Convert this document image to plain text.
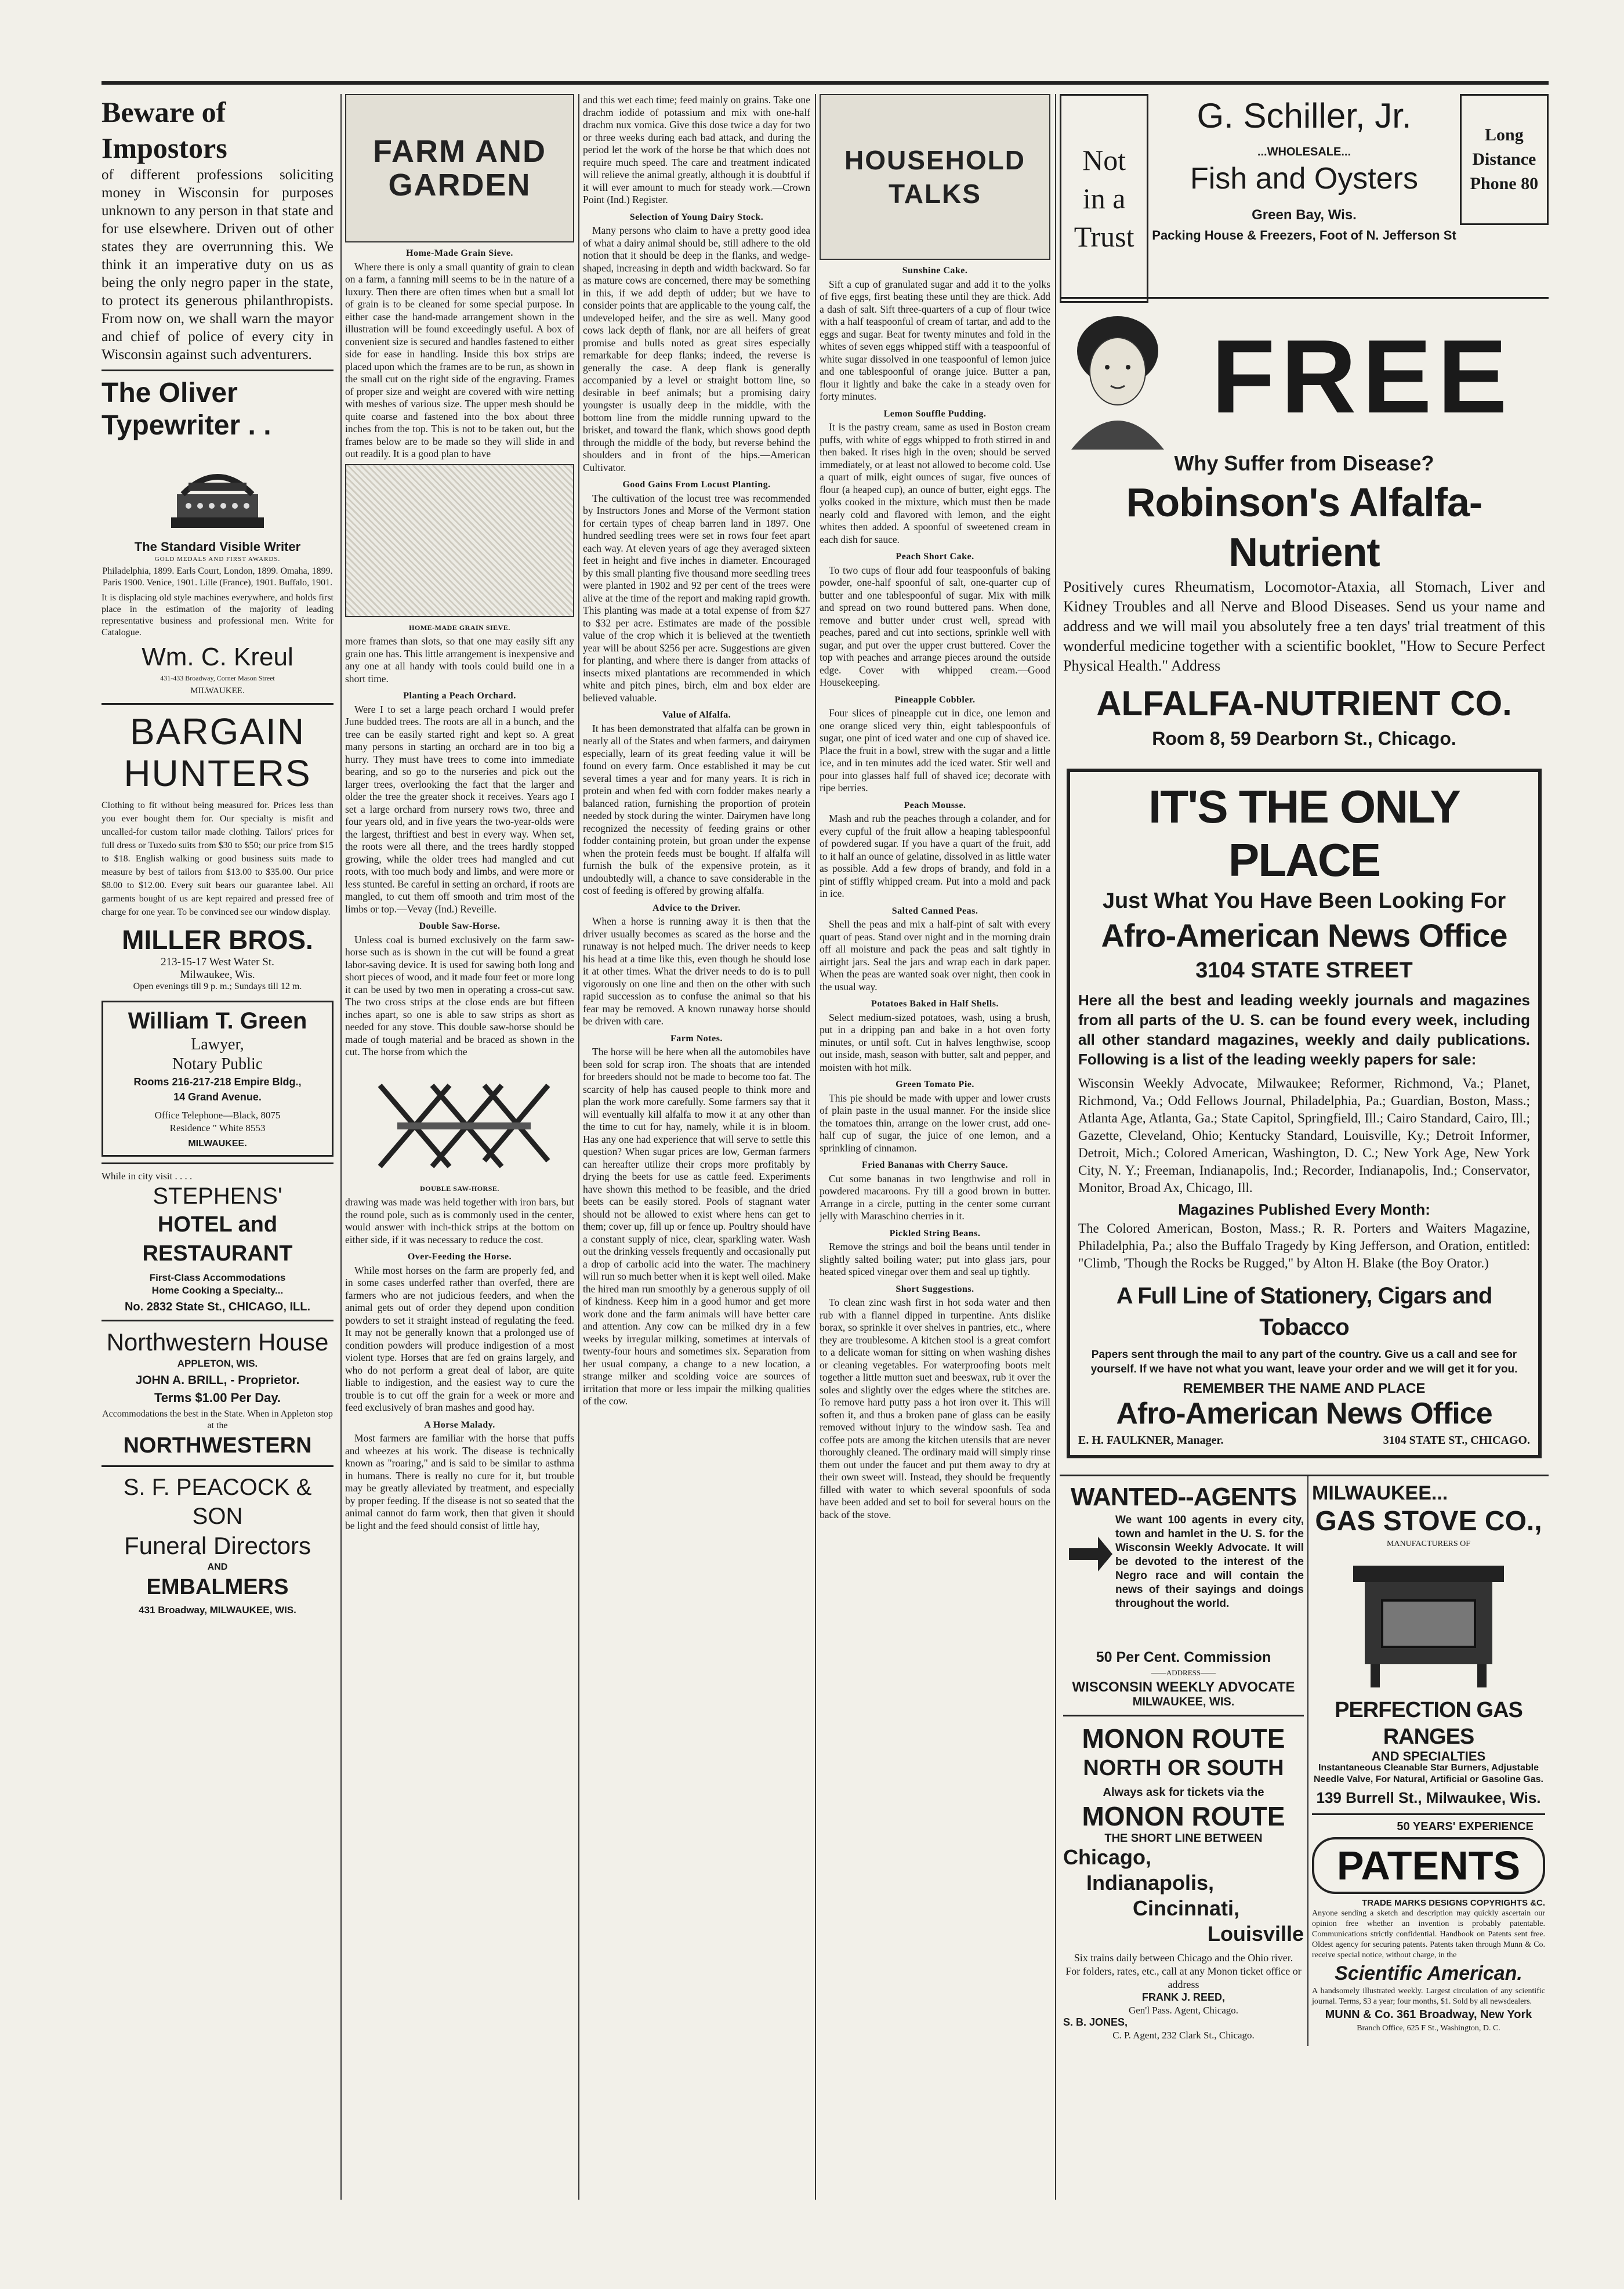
Beware of Impostors
of different professions soliciting money in Wisconsin for purposes unknown to any person in that state and for use elsewhere. Driven out of other states they are overrunning this. We think it an imperative duty on us as being the only negro paper in the state, to protect its generous philanthropists. From now on, we shall warn the mayor and chief of police of every city in Wisconsin against such adventurers.
The Oliver
Typewriter . .
The Standard Visible Writer
GOLD MEDALS AND FIRST AWARDS.
Philadelphia, 1899. Earls Court, London, 1899. Omaha, 1899. Paris 1900. Venice, 1901. Lille (France), 1901. Buffalo, 1901.
It is displacing old style machines everywhere, and holds first place in the estimation of the majority of leading representative business and professional men. Write for Catalogue.
Wm. C. Kreul
431-433 Broadway, Corner Mason Street
MILWAUKEE.
BARGAIN
HUNTERS
Clothing to fit without being measured for. Prices less than you ever bought them for. Our specialty is misfit and uncalled-for custom tailor made clothing. Tailors' prices for full dress or Tuxedo suits from $30 to $50; our price from $15 to $18. English walking or good business suits made to measure by best of tailors from $13.00 to $35.00. Our price $8.00 to $12.00. Every suit bears our guarantee label. All garments bought of us are kept repaired and pressed free of charge for one year. To be convinced see our window display.
MILLER BROS.
213-15-17 West Water St.
Milwaukee, Wis.
Open evenings till 9 p. m.; Sundays till 12 m.
William T. Green
Lawyer,
Notary Public
Rooms 216-217-218 Empire Bldg.,
14 Grand Avenue.
Office Telephone—Black, 8075
Residence " White 8553
MILWAUKEE.
While in city visit . . . .
STEPHENS'
HOTEL and RESTAURANT
First-Class Accommodations
Home Cooking a Specialty...
No. 2832 State St., CHICAGO, ILL.
Northwestern House
APPLETON, WIS.
JOHN A. BRILL, - Proprietor.
Terms $1.00 Per Day.
Accommodations the best in the State. When in Appleton stop at the
NORTHWESTERN
S. F. PEACOCK & SON
Funeral Directors
AND
EMBALMERS
431 Broadway, MILWAUKEE, WIS.
FARM AND GARDEN
Home-Made Grain Sieve.

Where there is only a small quantity of grain to clean on a farm, a fanning mill seems to be in the nature of a luxury. Then there are often times when but a small lot of grain is to be cleaned for some special purpose. In either case the hand-made arrangement shown in the illustration will be found exceedingly useful. A box of convenient size is secured and handles fastened to either side for ease in handling. Inside this box strips are placed upon which the frames are to be run, as shown in the small cut on the right side of the engraving. Frames of proper size and weight are covered with wire netting with meshes of various size. The upper mesh should be quite coarse and fastened into the box about three inches from the top. This is not to be taken out, but the frames below are to be made so they will slide in and out readily. It is a good plan to have

HOME-MADE GRAIN SIEVE.

more frames than slots, so that one may easily sift any grain one has. This little arrangement is inexpensive and any one at all handy with tools could build one in a short time.

Planting a Peach Orchard.

Were I to set a large peach orchard I would prefer June budded trees. The roots are all in a bunch, and the tree can be easily started right and kept so. A great many persons in starting an orchard are in too big a hurry. They must have trees to come into immediate bearing, and so go to the nurseries and pick out the larger trees, overlooking the fact that the larger and older the tree the greater shock it receives. Years ago I set a large orchard from nursery rows two, three and four years old, and in five years the two-year-olds were the largest, thriftiest and best in every way. When set, the roots were all there, and the trees hardly stopped growing, while the older trees had mangled and cut roots, with too much body and limbs, and were more or less stunted. Be careful in setting an orchard, if roots are mangled, to cut them off smooth and trim most of the limbs or top.—Vevay (Ind.) Reveille.

Double Saw-Horse.

Unless coal is burned exclusively on the farm saw-horse such as is shown in the cut will be found a great labor-saving device. It is used for sawing both long and short pieces of wood, and it made four feet or more long it can be used by two men in operating a cross-cut saw. The two cross strips at the close ends are but fifteen inches apart, so one is able to saw strips as short as needed for any stove. This double saw-horse should be made of tough material and be braced as shown in the cut. The horse from which the

DOUBLE SAW-HORSE.

drawing was made was held together with iron bars, but the round pole, such as is commonly used in the center, would answer with inch-thick strips at the bottom on either side, if it was necessary to reduce the cost.

Over-Feeding the Horse.

While most horses on the farm are properly fed, and in some cases underfed rather than overfed, there are farmers who are not judicious feeders, and when the animal gets out of order they depend upon condition powders to set it straight instead of regulating the feed. It may not be generally known that a prolonged use of condition powders will produce indigestion of a most violent type. Horses that are fed on grains largely, and who do not perform a great deal of labor, are quite liable to indigestion, and the easiest way to cure the trouble is to cut off the grain for a week or more and feed exclusively of bran mashes and good hay.

A Horse Malady.

Most farmers are familiar with the horse that puffs and wheezes at his work. The disease is technically known as "roaring," and is said to be similar to asthma in humans. There is really no cure for it, but trouble may be greatly alleviated by treatment, and especially by proper feeding. If the disease is not so seated that the animal cannot do farm work, then that given it should be light and the feed should consist of little hay,

and this wet each time; feed mainly on grains. Take one drachm iodide of potassium and mix with one-half drachm nux vomica. Give this dose twice a day for two or three weeks during each bad attack, and during the period let the work of the horse be that which does not require much speed. The care and treatment indicated will relieve the animal greatly, although it is doubtful if it will ever amount to much for steady work.—Crown Point (Ind.) Register.

Selection of Young Dairy Stock.

Many persons who claim to have a pretty good idea of what a dairy animal should be, still adhere to the old notion that it should be deep in the flanks, and wedge-shaped, increasing in depth and width backward. So far as mature cows are concerned, there may be something in this, if we add depth of udder; but we have to consider points that are applicable to the young calf, the undeveloped heifer, and the sire as well. Many good cows lack depth of flank, nor are all heifers of great promise and bulls noted as great sires especially remarkable for deep flanks; indeed, the reverse is generally the case. A deep flank is generally accompanied by a level or straight bottom line, so desirable in beef animals; but a promising dairy youngster is usually deep in the middle, with the bottom line from the middle running upward to the brisket, and toward the flank, which shows good depth through the middle of the body, but reverse behind the shoulders and in front of the hips.—American Cultivator.

Good Gains From Locust Planting.

The cultivation of the locust tree was recommended by Instructors Jones and Morse of the Vermont station for certain types of cheap barren land in 1897. One hundred seedling trees were set in rows four feet apart each way. At eleven years of age they averaged sixteen feet in height and five inches in diameter. Encouraged by this small planting five thousand more seedling trees were planted in 1902 and 92 per cent of the trees were alive at the time of the report and making rapid growth. This planting was made at a total expense of from $27 to $32 per acre. Estimates are made of the possible value of the crop which it is believed at the twentieth year will be about $256 per acre. Suggestions are given for planting, and where there is danger from attacks of insects mixed plantations are recommended in which white and pitch pines, birch, elm and box elder are believed valuable.

Value of Alfalfa.

It has been demonstrated that alfalfa can be grown in nearly all of the States and when farmers, and dairymen especially, learn of its great feeding value it will be found on every farm. Once established it may be cut several times a year and for many years. It is rich in protein and when fed with corn fodder makes nearly a balanced ration, furnishing the proportion of protein needed by stock during the winter. Dairymen have long recognized the necessity of feeding grains or other fodder containing protein, but groan under the expense when the protein feeds must be bought. If alfalfa will furnish the bulk of the expensive protein, as it undoubtedly will, a chance to save considerable in the cost of feeding is offered by growing alfalfa.

Advice to the Driver.

When a horse is running away it is then that the driver usually becomes as scared as the horse and the runaway is not helped much. The driver needs to keep his head at a time like this, even though he should lose it at other times. What the driver needs to do is to pull vigorously on one line and then on the other with such rapid succession as to confuse the animal so that his fear may be removed. A known runaway horse should be driven with care.

Farm Notes.

The horse will be here when all the automobiles have been sold for scrap iron. The shoats that are intended for breeders should not be made to become too fat. The scarcity of help has caused people to think more and plan the work more carefully. Some farmers say that it will eventually kill alfalfa to mow it at any other than the time to cut for hay, namely, while it is in bloom. Has any one had experience that will serve to settle this question? When sugar prices are low, German farmers can hereafter utilize their crops more profitably by drying the beets for use as cattle feed. Experiments have shown this method to be feasible, and the dried beets can be easily stored. Pools of stagnant water should not be allowed to exist where hens can get to them; cover up, fill up or fence up. Poultry should have a constant supply of nice, clear, sparkling water. Wash out the drinking vessels frequently and occasionally put a drop of carbolic acid into the water. The machinery will run so much better when it is kept well oiled. Make the hired man run smoothly by a generous supply of oil of kindness. Keep him in a good humor and get more work done and the farm animals will have better care and attention. Any cow can be milked dry in a few weeks by irregular milking, sometimes at intervals of twenty-four hours and sometimes six. Separation from her usual company, a change to a new location, a strange milker and scolding voice are sources of irritation that more or less impair the milking qualities of the cow.

HOUSEHOLD TALKS
Sunshine Cake.

Sift a cup of granulated sugar and add it to the yolks of five eggs, first beating these until they are thick. Add a dash of salt. Sift three-quarters of a cup of flour twice with a half teaspoonful of cream of tartar, and add to the eggs and sugar. Beat for twenty minutes and fold in the whites of seven eggs whipped stiff with a teaspoonful of white sugar dissolved in one teaspoonful of lemon juice and one tablespoonful of orange juice. Butter a pan, flour it lightly and bake the cake in a steady oven for forty minutes.

Lemon Souffle Pudding.

It is the pastry cream, same as used in Boston cream puffs, with white of eggs whipped to froth stirred in and then baked. It rises high in the oven; should be served immediately, or at least not allowed to become cold. Use a quart of milk, eight ounces of sugar, five ounces of flour (a heaped cup), an ounce of butter, eight eggs. The yolks cooked in the mixture, which must then be made nearly cold and flavored with lemon, and the eight whites then added. A spoonful of sweetened cream in each dish for sauce.

Peach Short Cake.

To two cups of flour add four teaspoonfuls of baking powder, one-half spoonful of salt, one-quarter cup of butter and one tablespoonful of sugar. Mix with milk and spread on two round buttered pans. When done, remove and butter under crust well, spread with peaches, pared and cut into sections, sprinkle well with sugar, and put over the upper crust buttered. Cover the top with peaches and arrange pieces around the outside edge. Cover with whipped cream.—Good Housekeeping.

Pineapple Cobbler.

Four slices of pineapple cut in dice, one lemon and one orange sliced very thin, eight tablespoonfuls of sugar, one pint of iced water and one cup of shaved ice. Place the fruit in a bowl, strew with the sugar and a little ice, and in ten minutes add the iced water. Stir well and pour into glasses half full of shaved ice; decorate with ripe berries.

Peach Mousse.

Mash and rub the peaches through a colander, and for every cupful of the fruit allow a heaping tablespoonful of powdered sugar. If you have a quart of the fruit, add to it half an ounce of gelatine, dissolved in as little water as possible. Add a few drops of brandy, and fold in a pint of stiffly whipped cream. Put into a mold and pack in ice.

Salted Canned Peas.

Shell the peas and mix a half-pint of salt with every quart of peas. Stand over night and in the morning drain off all moisture and pack the peas and salt tightly in airtight jars. Seal the jars and wrap each in dark paper. When the peas are wanted soak over night, then cook in the usual way.

Potatoes Baked in Half Shells.

Select medium-sized potatoes, wash, using a brush, put in a dripping pan and bake in a hot oven forty minutes, or until soft. Cut in halves lengthwise, scoop out inside, mash, season with butter, salt and pepper, and moisten with hot milk.

Green Tomato Pie.

This pie should be made with upper and lower crusts of plain paste in the usual manner. For the inside slice the tomatoes thin, arrange on the lower crust, add one-half cup of sugar, the juice of one lemon, and a sprinkling of cinnamon.

Fried Bananas with Cherry Sauce.

Cut some bananas in two lengthwise and roll in powdered macaroons. Fry till a good brown in butter. Arrange in a circle, putting in the center some currant jelly with Maraschino cherries in it.

Pickled String Beans.

Remove the strings and boil the beans until tender in slightly salted boiling water; put into glass jars, pour heated spiced vinegar over them and seal up tightly.

Short Suggestions.

To clean zinc wash first in hot soda water and then rub with a flannel dipped in turpentine. Ants dislike borax, so sprinkle it over shelves in pantries, etc., where they are troublesome. A kitchen stool is a great comfort to a delicate woman for sitting on when washing dishes or cleaning vegetables. For waterproofing boots melt together a little mutton suet and beeswax, rub it over the soles and slightly over the edges where the stitches are. To remove hard putty pass a hot iron over it. This will soften it, and thus a broken pane of glass can be easily removed without injury to the window sash. Tea and coffee pots are among the kitchen utensils that are never thoroughly cleaned. The ordinary maid will simply rinse them out under the faucet and put them away to dry at their own sweet will. Instead, they should be frequently filled with water to which several spoonfuls of soda have been added and set to boil for several hours on the back of the stove.

Not
in a
Trust
G. Schiller, Jr.
...WHOLESALE...
Fish and Oysters
Green Bay, Wis.
Packing House & Freezers, Foot of N. Jefferson St
Long
Distance
Phone 80
FREE
Why Suffer from Disease?
Robinson's Alfalfa-Nutrient
Positively cures Rheumatism, Locomotor-Ataxia, all Stomach, Liver and Kidney Troubles and all Nerve and Blood Diseases. Send us your name and address and we will mail you absolutely free a ten days' trial treatment of this wonderful medicine together with a scientific booklet, "How to Secure Perfect Physical Health." Address
ALFALFA-NUTRIENT CO.
Room 8, 59 Dearborn St., Chicago.
IT'S THE ONLY PLACE
Just What You Have Been Looking For
Afro-American News Office
3104 STATE STREET
Here all the best and leading weekly journals and magazines from all parts of the U. S. can be found every week, including all other standard magazines, weekly and daily publications. Following is a list of the leading weekly papers for sale:
Wisconsin Weekly Advocate, Milwaukee; Reformer, Richmond, Va.; Planet, Richmond, Va.; Odd Fellows Journal, Philadelphia, Pa.; Guardian, Boston, Mass.; Atlanta Age, Atlanta, Ga.; State Capitol, Springfield, Ill.; Cairo Standard, Cairo, Ill.; Gazette, Cleveland, Ohio; Kentucky Standard, Louisville, Ky.; Detroit Informer, Detroit, Mich.; Colored American, Washington, D. C.; New York Age, New York City, N. Y.; Freeman, Indianapolis, Ind.; Recorder, Indianapolis, Ind.; Conservator, Monitor, Broad Ax, Chicago, Ill.
Magazines Published Every Month:
The Colored American, Boston, Mass.; R. R. Porters and Waiters Magazine, Philadelphia, Pa.; also the Buffalo Tragedy by King Jefferson, and Oration, entitled: "Climb, 'Though the Rocks be Rugged," by Alton H. Blake (the Boy Orator.)
A Full Line of Stationery, Cigars and Tobacco
Papers sent through the mail to any part of the country. Give us a call and see for yourself. If we have not what you want, leave your order and we will get it for you.
REMEMBER THE NAME AND PLACE
Afro-American News Office
E. H. FAULKNER, Manager.	3104 STATE ST., CHICAGO.
WANTED--AGENTS
We want 100 agents in every city, town and hamlet in the U. S. for the Wisconsin Weekly Advocate. It will be devoted to the interest of the Negro race and will contain the news of their sayings and doings throughout the world.
50 Per Cent. Commission
——ADDRESS——
WISCONSIN WEEKLY ADVOCATE
MILWAUKEE, WIS.
MONON ROUTE
NORTH OR SOUTH
Always ask for tickets via the
MONON ROUTE
THE SHORT LINE BETWEEN
Chicago,
Indianapolis,
Cincinnati,
Louisville
Six trains daily between Chicago and the Ohio river.
For folders, rates, etc., call at any Monon ticket office or address
FRANK J. REED,
Gen'l Pass. Agent, Chicago.
S. B. JONES,
C. P. Agent, 232 Clark St., Chicago.
MILWAUKEE...
GAS STOVE CO.,
MANUFACTURERS OF
PERFECTION GAS RANGES
AND SPECIALTIES
Instantaneous Cleanable Star Burners, Adjustable Needle Valve, For Natural, Artificial or Gasoline Gas.
139 Burrell St., Milwaukee, Wis.
50 YEARS' EXPERIENCE
PATENTS
TRADE MARKS DESIGNS COPYRIGHTS &C.
Anyone sending a sketch and description may quickly ascertain our opinion free whether an invention is probably patentable. Communications strictly confidential. Handbook on Patents sent free. Oldest agency for securing patents. Patents taken through Munn & Co. receive special notice, without charge, in the
Scientific American.
A handsomely illustrated weekly. Largest circulation of any scientific journal. Terms, $3 a year; four months, $1. Sold by all newsdealers.
MUNN & Co. 361 Broadway, New York
Branch Office, 625 F St., Washington, D. C.
